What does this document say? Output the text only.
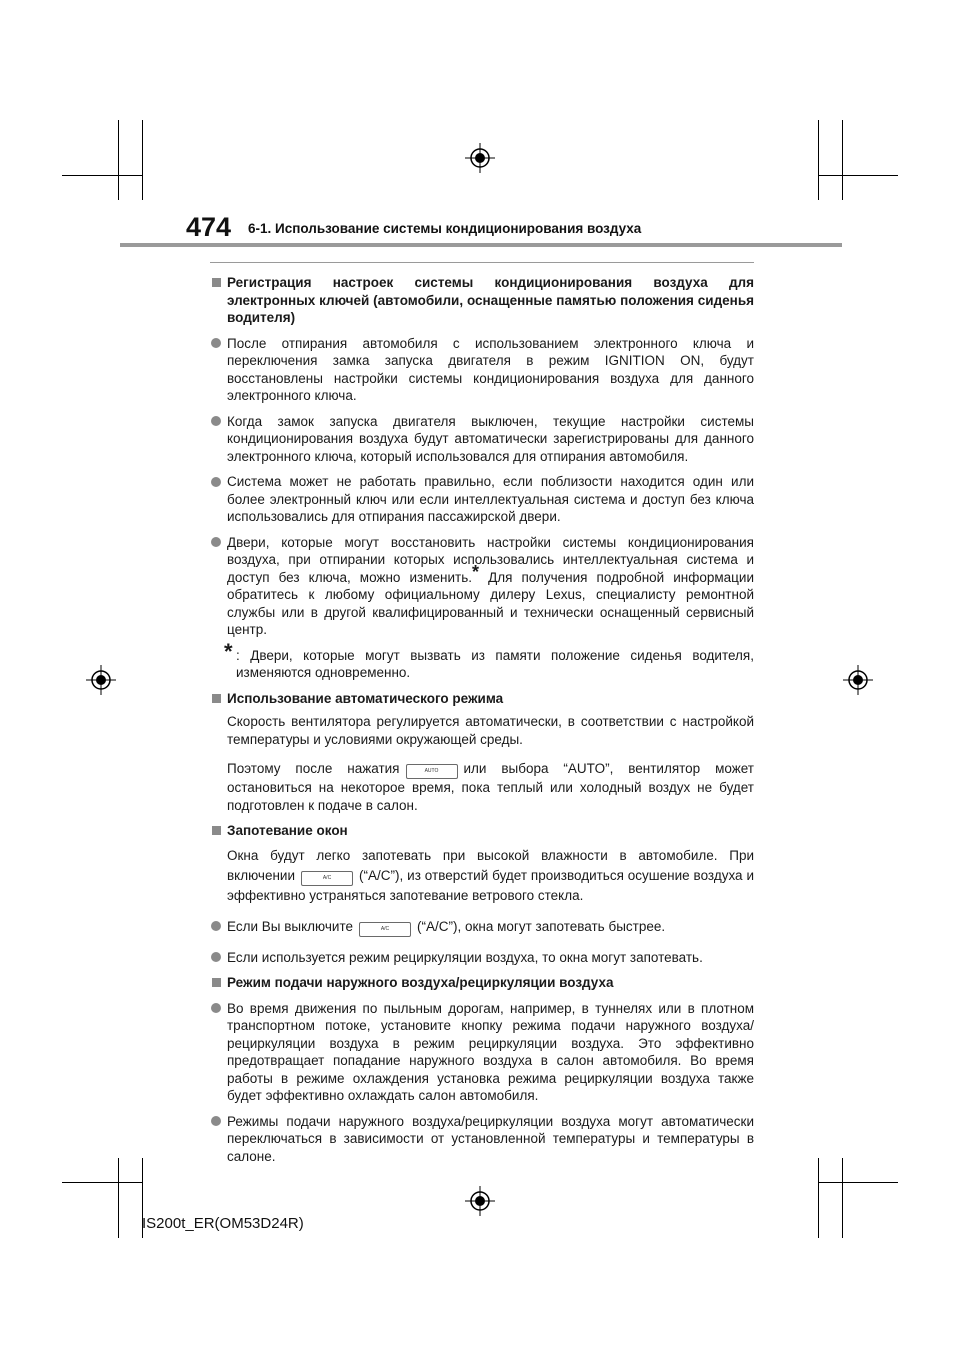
474 6-1. Использование системы кондиционирования воздуха
Регистрация настроек системы кондиционирования воздуха для электронных ключей (автомобили, оснащенные памятью положения сиденья водителя)
После отпирания автомобиля с использованием электронного ключа и переключения замка запуска двигателя в режим IGNITION ON, будут восстановлены настройки системы кондиционирования воздуха для данного электронного ключа.
Когда замок запуска двигателя выключен, текущие настройки системы кондиционирования воздуха будут автоматически зарегистрированы для данного электронного ключа, который использовался для отпирания автомобиля.
Система может не работать правильно, если поблизости находится один или более электронный ключ или если интеллектуальная система и доступ без ключа использовались для отпирания пассажирской двери.
Двери, которые могут восстановить настройки системы кондиционирования воздуха, при отпирании которых использовались интеллектуальная система и доступ без ключа, можно изменить.* Для получения подробной информации обратитесь к любому официальному дилеру Lexus, специалисту ремонтной службы или в другой квалифицированный и технически оснащенный сервисный центр.
* : Двери, которые могут вызвать из памяти положение сиденья водителя, изменяются одновременно.
Использование автоматического режима
Скорость вентилятора регулируется автоматически, в соответствии с настройкой температуры и условиями окружающей среды.
Поэтому после нажатия	AUTO или выбора “AUTO”, вентилятор может остановиться на некоторое время, пока теплый или холодный воздух не будет подготовлен к подаче в салон.
Запотевание окон
Окна будут легко запотевать при высокой влажности в автомобиле. При включении	A/C (“A/C”), из отверстий будет производиться осушение воздуха и эффективно устраняться запотевание ветрового стекла.
Если Вы выключите	A/C (“A/C”), окна могут запотевать быстрее.
Если используется режим рециркуляции воздуха, то окна могут запотевать.
Режим подачи наружного воздуха/рециркуляции воздуха
Во время движения по пыльным дорогам, например, в туннелях или в плотном транспортном потоке, установите кнопку режима подачи наружного воздуха/рециркуляции воздуха в режим рециркуляции воздуха. Это эффективно предотвращает попадание наружного воздуха в салон автомобиля. Во время работы в режиме охлаждения установка режима рециркуляции воздуха также будет эффективно охлаждать салон автомобиля.
Режимы подачи наружного воздуха/рециркуляции воздуха могут автоматически переключаться в зависимости от установленной температуры и температуры в салоне.
IS200t_ER(OM53D24R)
